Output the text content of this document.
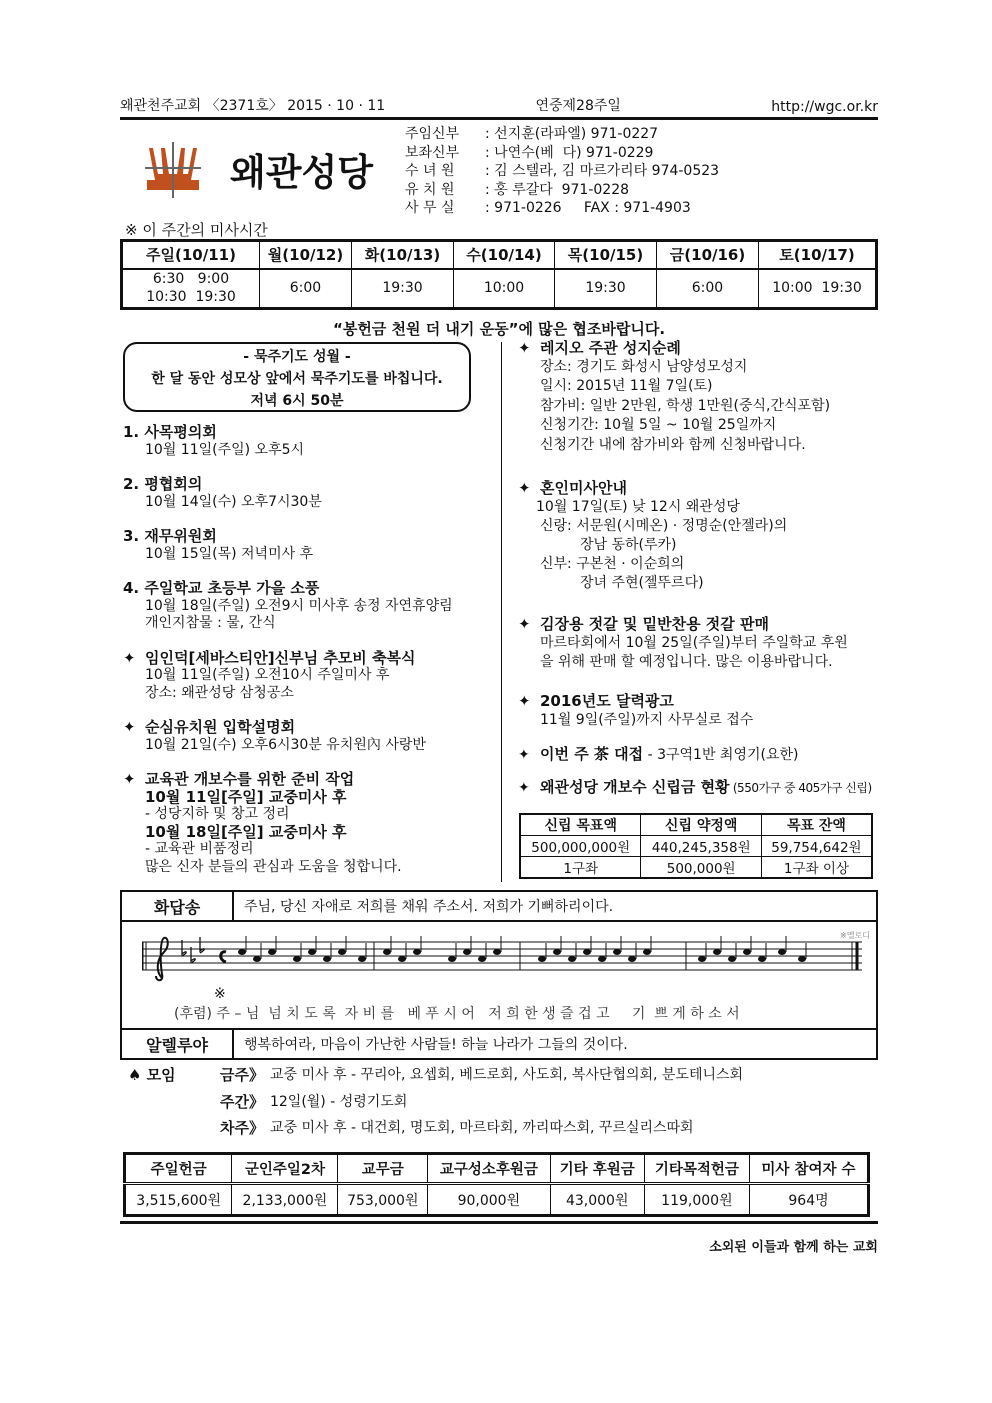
왜관천주교회 〈2371호〉 2015 · 10 · 11	연중제28주일	http://wgc.or.kr
왜관성당
주임신부	: 선지훈(라파엘) 971-0227
보좌신부	: 나연수(베  다) 971-0229
수 녀 원	: 김 스텔라, 김 마르가리타 974-0523
유 치 원	: 홍 루갈다  971-0228
사 무 실	: 971-0226     FAX : 971-4903
※ 이 주간의 미사시간
주일(10/11)	월(10/12)	화(10/13)	수(10/14)	목(10/15)	금(10/16)	토(10/17)

6:30   9:00
10:30  19:30	6:00	19:30	10:00	19:30	6:00	10:00  19:30
“봉헌금 천원 더 내기 운동”에 많은 협조바랍니다.
- 묵주기도 성월 -
한 달 동안 성모상 앞에서 묵주기도를 바칩니다.
저녁 6시 50분
1. 사목평의회
10월 11일(주일) 오후5시
2. 평협회의
10월 14일(수) 오후7시30분
3. 재무위원회
10월 15일(목) 저녁미사 후
4. 주일학교 초등부 가을 소풍
10월 18일(주일) 오전9시 미사후 송정 자연휴양림
개인지참물 : 물, 간식
✦ 임인덕[세바스티안]신부님 추모비 축복식
10월 11일(주일) 오전10시 주일미사 후
장소: 왜관성당 삼청공소
✦ 순심유치원 입학설명회
10월 21일(수) 오후6시30분 유치원內 사랑반
✦ 교육관 개보수를 위한 준비 작업
10월 11일[주일] 교중미사 후
- 성당지하 및 창고 정리
10월 18일[주일] 교중미사 후
- 교육관 비품정리
많은 신자 분들의 관심과 도움을 청합니다.
✦ 레지오 주관 성지순례
장소: 경기도 화성시 남양성모성지
일시: 2015년 11월 7일(토)
참가비: 일반 2만원, 학생 1만원(중식,간식포함)
신청기간: 10월 5일 ~ 10월 25일까지
신청기간 내에 참가비와 함께 신청바랍니다.
✦ 혼인미사안내
10월 17일(토) 낮 12시 왜관성당
신랑: 서문원(시메온) · 정명순(안젤라)의
장남 동하(루카)
신부: 구본천 · 이순희의
장녀 주현(젤뚜르다)
✦ 김장용 젓갈 및 밑반찬용 젓갈 판매
마르타회에서 10월 25일(주일)부터 주일학교 후원
을 위해 판매 할 예정입니다. 많은 이용바랍니다.
✦ 2016년도 달력광고
11월 9일(주일)까지 사무실로 접수
✦ 이번 주 茶 대접 - 3구역1반 최영기(요한)
✦ 왜관성당 개보수 신립금 현황 (550가구 중 405가구 신립)
신립 목표액	신립 약정액	목표 잔액
500,000,000원	440,245,358원	59,754,642원
1구좌	500,000원	1구좌 이상
화답송	주님, 당신 자애로 저희를 채워 주소서. 저희가 기뻐하리이다.
※
※멜로디
(후렴) 주 – 님  넘 치 도 록  자 비 를   베 푸 시 어   저 희 한 생 즐 겁 고     기  쁘 게 하 소 서
알렐루야	행복하여라, 마음이 가난한 사람들! 하늘 나라가 그들의 것이다.
♠ 모임	금주》 교중 미사 후 - 꾸리아, 요셉회, 베드로회, 사도회, 복사단협의회, 분도테니스회
주간》 12일(월) - 성령기도회
차주》 교중 미사 후 - 대건회, 명도회, 마르타회, 까리따스회, 꾸르실리스따회
주일헌금	군인주일2차	교무금	교구성소후원금	기타 후원금	기타목적헌금	미사 참여자 수
3,515,600원	2,133,000원	753,000원	90,000원	43,000원	119,000원	964명
소외된 이들과 함께 하는 교회
